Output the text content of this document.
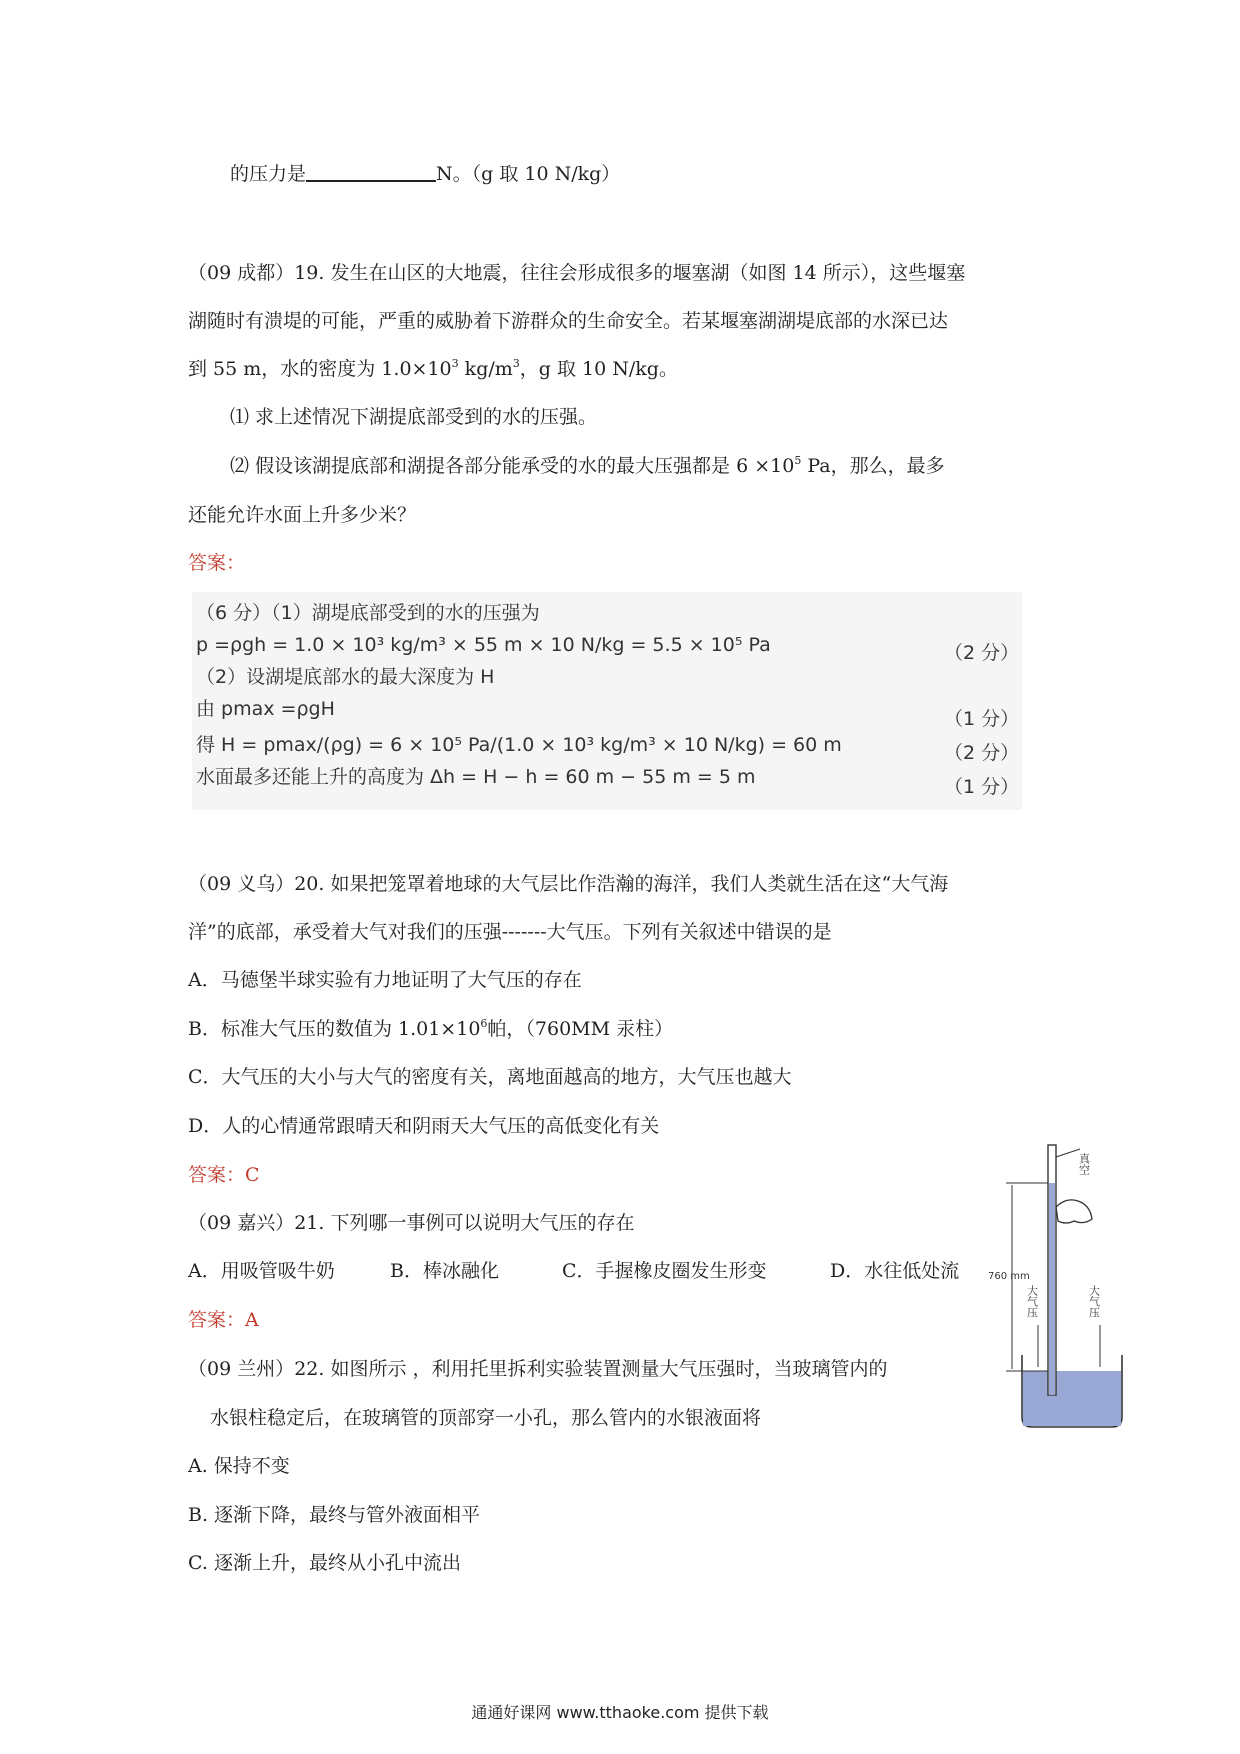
的压力是	N。（g 取 10 N/kg）
（09 成都）19. 发生在山区的大地震，往往会形成很多的堰塞湖（如图 14 所示），这些堰塞
湖随时有溃堤的可能，严重的威胁着下游群众的生命安全。若某堰塞湖湖堤底部的水深已达
到 55 m，水的密度为 $1.0\times 10^3$ $kg/m^3$，g 取 10 N/kg。
⑴ 求上述情况下湖提底部受到的水的压强。
⑵ 假设该湖提底部和湖提各部分能承受的水的最大压强都是 $6 \times 10^5$ Pa，那么，最多
还能允许水面上升多少米？
答案：
（6 分）（1）湖堤底部受到的水的压强为
p =ρgh = 1.0 × 10³ kg/m³ × 55 m × 10 N/kg = 5.5 × 10⁵ Pa	（2 分）
（2）设湖堤底部水的最大深度为 H
由 pmax =ρgH	（1 分）
得 H = pmax/(ρg) = 6 × 10⁵ Pa/(1.0 × 10³ kg/m³ × 10 N/kg) = 60 m	（2 分）
水面最多还能上升的高度为 Δh = H − h = 60 m − 55 m = 5 m	（1 分）
（09 义乌）20. 如果把笼罩着地球的大气层比作浩瀚的海洋，我们人类就生活在这“大气海
洋”的底部，承受着大气对我们的压强-------大气压。下列有关叙述中错误的是
A．马德堡半球实验有力地证明了大气压的存在
B．标准大气压的数值为 $1.01\times 10^6$帕，（760MM 汞柱）
C．大气压的大小与大气的密度有关，离地面越高的地方，大气压也越大
D．人的心情通常跟晴天和阴雨天大气压的高低变化有关
答案：C
（09 嘉兴）21. 下列哪一事例可以说明大气压的存在
A．用吸管吸牛奶	B．棒冰融化	C．手握橡皮圈发生形变	D．水往低处流
答案：A
（09 兰州）22. 如图所示 ，利用托里拆利实验装置测量大气压强时，当玻璃管内的
水银柱稳定后，在玻璃管的顶部穿一小孔，那么管内的水银液面将
A. 保持不变
B. 逐渐下降，最终与管外液面相平
C. 逐渐上升，最终从小孔中流出
真空
760 mm
大气压	大气压
通通好课网 www.tthaoke.com 提供下载
